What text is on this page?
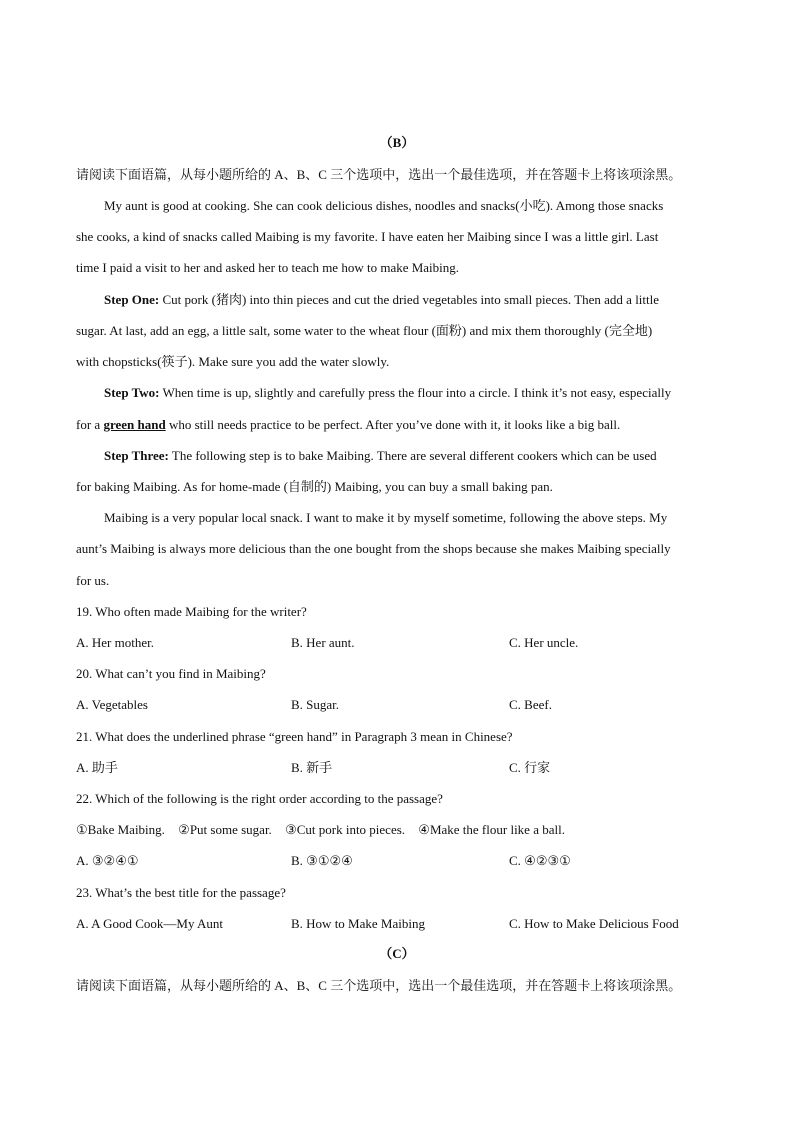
（B）
请阅读下面语篇，从每小题所给的 A、B、C 三个选项中，选出一个最佳选项，并在答题卡上将该项涂黑。
My aunt is good at cooking. She can cook delicious dishes, noodles and snacks(小吃). Among those snacks
she cooks, a kind of snacks called Maibing is my favorite. I have eaten her Maibing since I was a little girl. Last
time I paid a visit to her and asked her to teach me how to make Maibing.
Step One: Cut pork (猪肉) into thin pieces and cut the dried vegetables into small pieces. Then add a little
sugar. At last, add an egg, a little salt, some water to the wheat flour (面粉) and mix them thoroughly (完全地)
with chopsticks(筷子). Make sure you add the water slowly.
Step Two: When time is up, slightly and carefully press the flour into a circle. I think it’s not easy, especially
for a green hand who still needs practice to be perfect. After you’ve done with it, it looks like a big ball.
Step Three: The following step is to bake Maibing. There are several different cookers which can be used
for baking Maibing. As for home-made (自制的) Maibing, you can buy a small baking pan.
Maibing is a very popular local snack. I want to make it by myself sometime, following the above steps. My
aunt’s Maibing is always more delicious than the one bought from the shops because she makes Maibing specially
for us.
19. Who often made Maibing for the writer?
A. Her mother.	B. Her aunt.	C. Her uncle.
20. What can’t you find in Maibing?
A. Vegetables	B. Sugar.	C. Beef.
21. What does the underlined phrase “green hand” in Paragraph 3 mean in Chinese?
A. 助手	B. 新手	C. 行家
22. Which of the following is the right order according to the passage?
①Bake Maibing. ②Put some sugar. ③Cut pork into pieces. ④Make the flour like a ball.
A. ③②④①	B. ③①②④	C. ④②③①
23. What’s the best title for the passage?
A. A Good Cook—My Aunt	B. How to Make Maibing	C. How to Make Delicious Food
（C）
请阅读下面语篇，从每小题所给的 A、B、C 三个选项中，选出一个最佳选项，并在答题卡上将该项涂黑。
